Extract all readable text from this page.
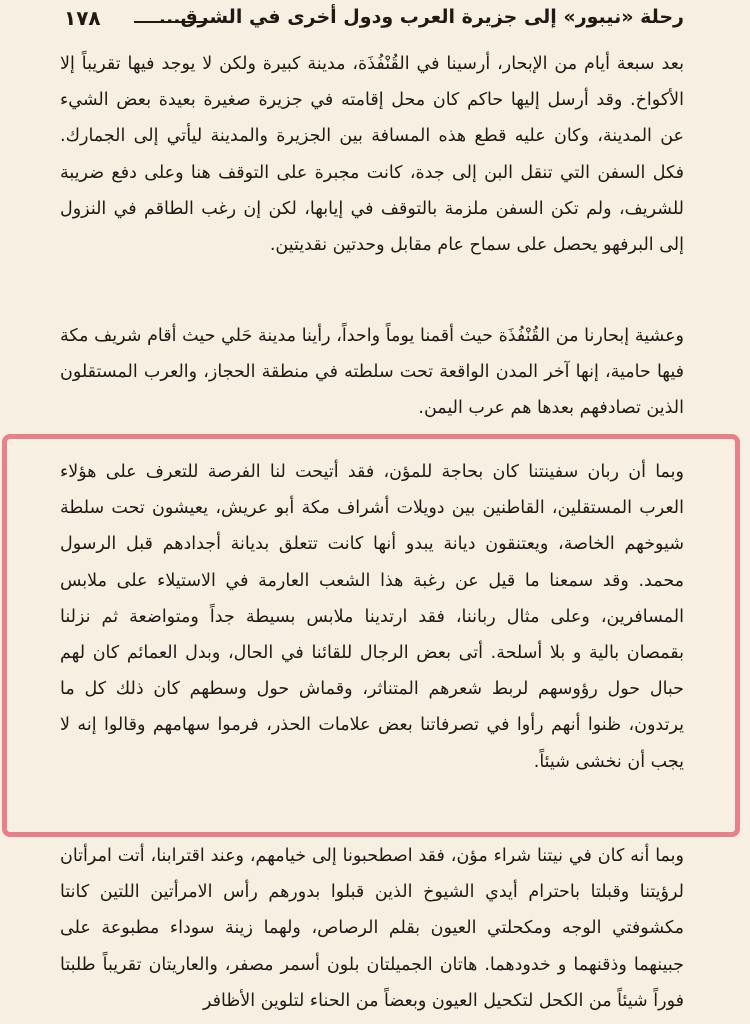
١٧٨	رحلة «نيبور» إلى جزيرة العرب ودول أخرى في الشرق...
بعد سبعة أيام من الإبحار، أرسينا في القُنْفُذَة، مدينة كبيرة ولكن لا يوجد فيها تقريباً إلا الأكواخ. وقد أرسل إليها حاكم كان محل إقامته في جزيرة صغيرة بعيدة بعض الشيء عن المدينة، وكان عليه قطع هذه المسافة بين الجزيرة والمدينة ليأتي إلى الجمارك. فكل السفن التي تنقل البن إلى جدة، كانت مجبرة على التوقف هنا وعلى دفع ضريبة للشريف، ولم تكن السفن ملزمة بالتوقف في إيابها، لكن إن رغب الطاقم في النزول إلى البرفهو يحصل على سماح عام مقابل وحدتين نقديتين.
وعشية إبحارنا من القُنْفُذَة حيث أقمنا يوماً واحداً، رأينا مدينة حَلي حيث أقام شريف مكة فيها حامية، إنها آخر المدن الواقعة تحت سلطته في منطقة الحجاز، والعرب المستقلون الذين تصادفهم بعدها هم عرب اليمن.
وبما أن ربان سفينتنا كان بحاجة للمؤن، فقد أتيحت لنا الفرصة للتعرف على هؤلاء العرب المستقلين، القاطنين بين دويلات أشراف مكة أبو عريش، يعيشون تحت سلطة شيوخهم الخاصة، ويعتنقون ديانة يبدو أنها كانت تتعلق بديانة أجدادهم قبل الرسول محمد. وقد سمعنا ما قيل عن رغبة هذا الشعب العارمة في الاستيلاء على ملابس المسافرين، وعلى مثال رباننا، فقد ارتدينا ملابس بسيطة جداً ومتواضعة ثم نزلنا بقمصان بالية و بلا أسلحة. أتى بعض الرجال للقائنا في الحال، وبدل العمائم كان لهم حبال حول رؤوسهم لربط شعرهم المتناثر، وقماش حول وسطهم كان ذلك كل ما يرتدون، ظنوا أنهم رأوا في تصرفاتنا بعض علامات الحذر، فرموا سهامهم وقالوا إنه لا يجب أن نخشى شيئاً.
وبما أنه كان في نيتنا شراء مؤن، فقد اصطحبونا إلى خيامهم، وعند اقترابنا، أتت امرأتان لرؤيتنا وقبلتا باحترام أيدي الشيوخ الذين قبلوا بدورهم رأس الامرأتين اللتين كانتا مكشوفتي الوجه ومكحلتي العيون بقلم الرصاص، ولهما زينة سوداء مطبوعة على جبينهما وذقنهما و خدودهما. هاتان الجميلتان بلون أسمر مصفر، والعاريتان تقريباً طلبتا فوراً شيئاً من الكحل لتكحيل العيون وبعضاً من الحناء لتلوين الأظافر
